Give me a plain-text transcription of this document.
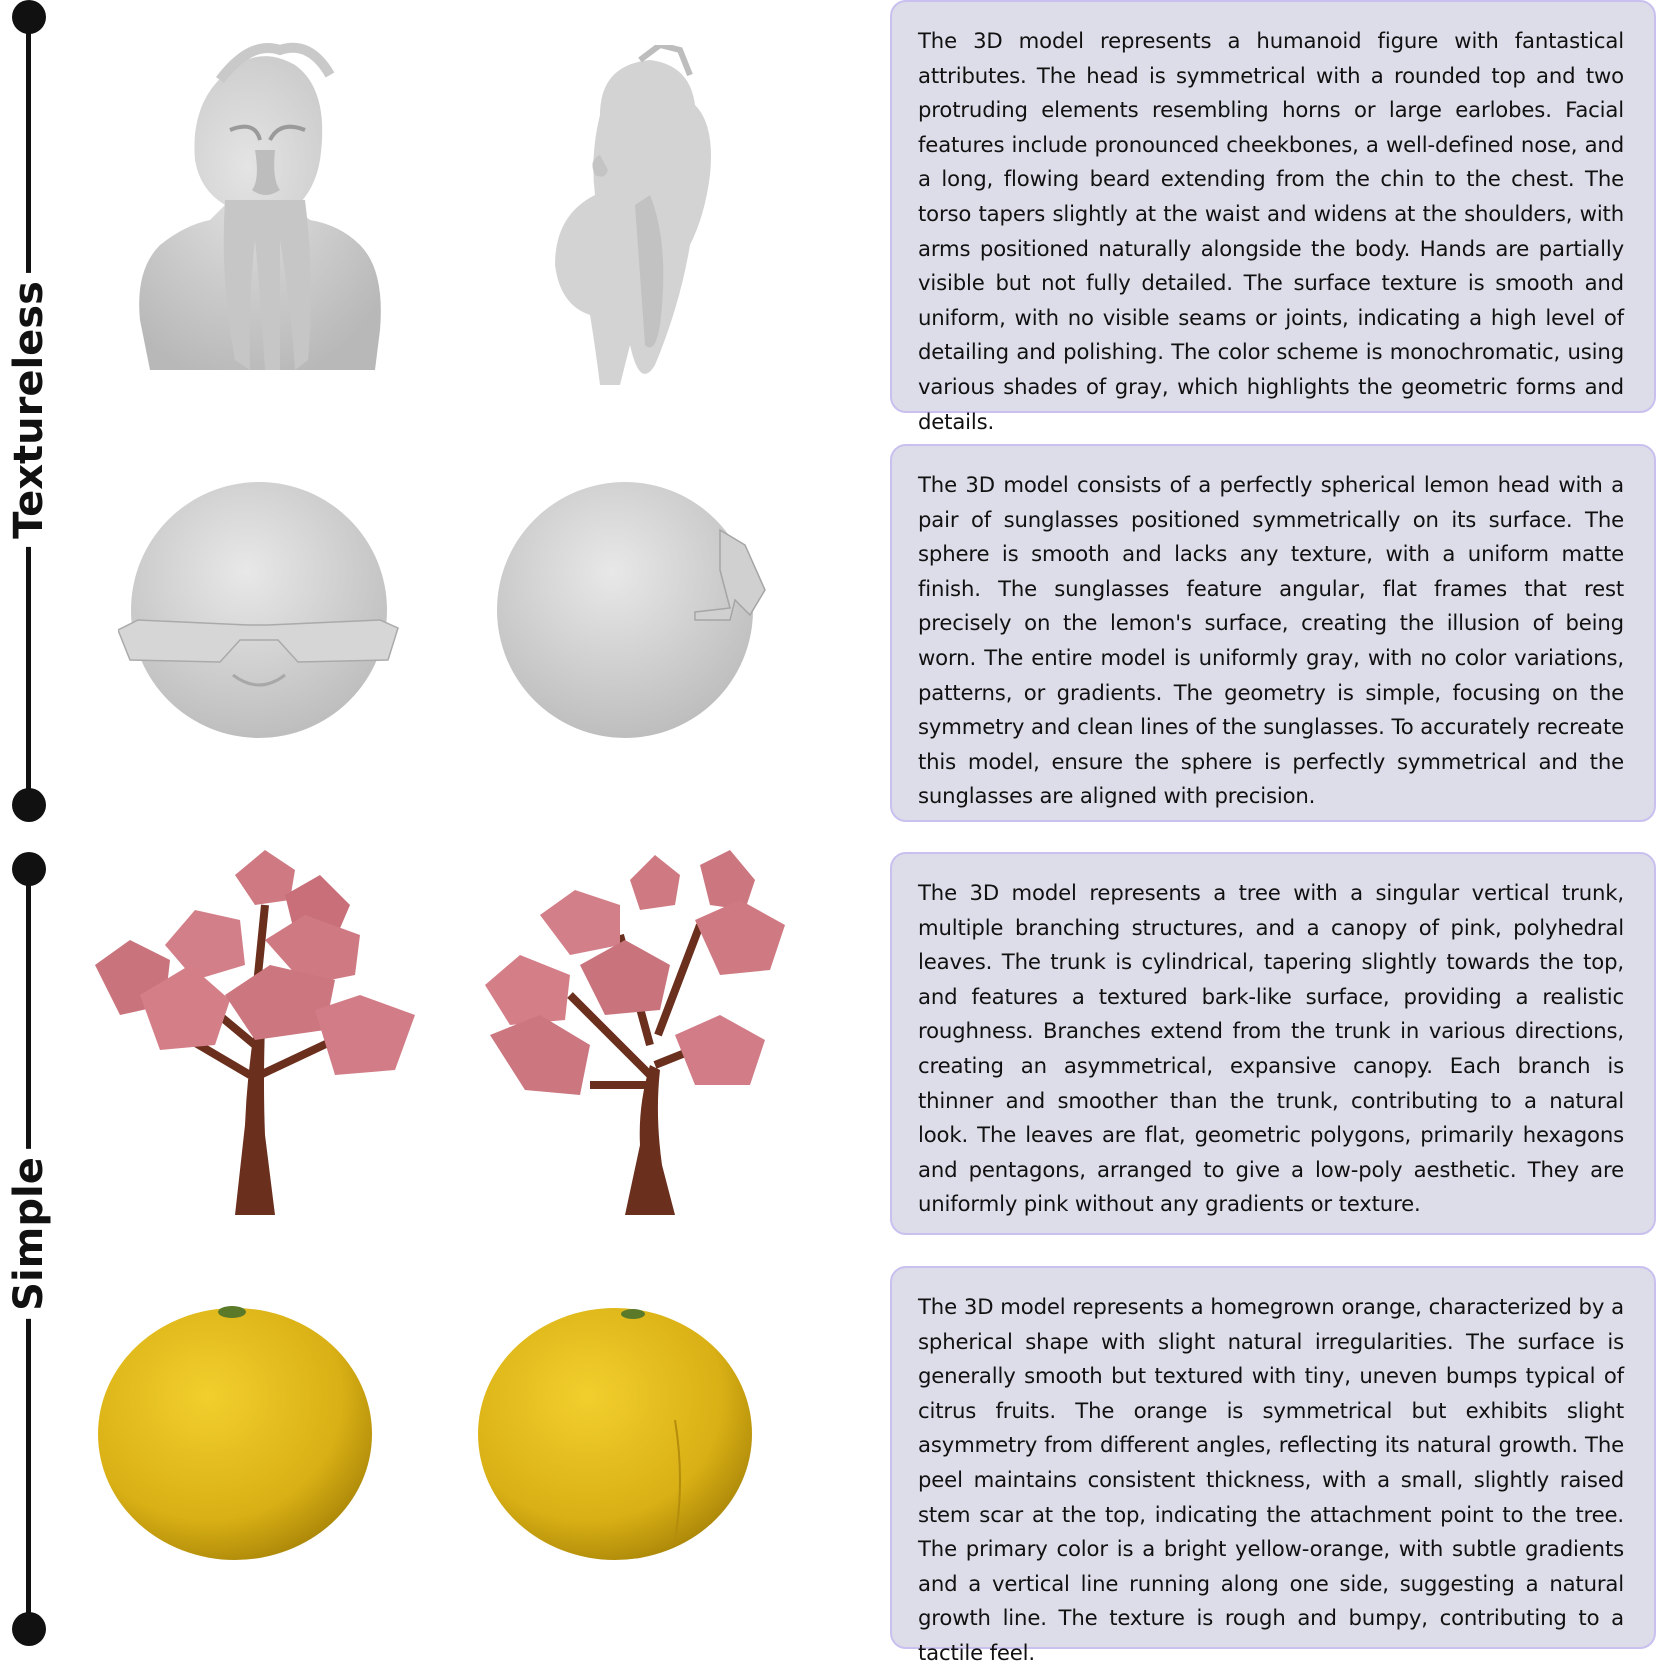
Textureless
Simple

The 3D model represents a humanoid figure with fantastical attributes. The head is symmetrical with a rounded top and two protruding elements resembling horns or large earlobes. Facial features include pronounced cheekbones, a well-defined nose, and a long, flowing beard extending from the chin to the chest. The torso tapers slightly at the waist and widens at the shoulders, with arms positioned naturally alongside the body. Hands are partially visible but not fully detailed. The surface texture is smooth and uniform, with no visible seams or joints, indicating a high level of detailing and polishing. The color scheme is monochromatic, using various shades of gray, which highlights the geometric forms and details.

The 3D model consists of a perfectly spherical lemon head with a pair of sunglasses positioned symmetrically on its surface. The sphere is smooth and lacks any texture, with a uniform matte finish. The sunglasses feature angular, flat frames that rest precisely on the lemon's surface, creating the illusion of being worn. The entire model is uniformly gray, with no color variations, patterns, or gradients. The geometry is simple, focusing on the symmetry and clean lines of the sunglasses. To accurately recreate this model, ensure the sphere is perfectly symmetrical and the sunglasses are aligned with precision.

The 3D model represents a tree with a singular vertical trunk, multiple branching structures, and a canopy of pink, polyhedral leaves. The trunk is cylindrical, tapering slightly towards the top, and features a textured bark-like surface, providing a realistic roughness. Branches extend from the trunk in various directions, creating an asymmetrical, expansive canopy. Each branch is thinner and smoother than the trunk, contributing to a natural look. The leaves are flat, geometric polygons, primarily hexagons and pentagons, arranged to give a low-poly aesthetic. They are uniformly pink without any gradients or texture.

The 3D model represents a homegrown orange, characterized by a spherical shape with slight natural irregularities. The surface is generally smooth but textured with tiny, uneven bumps typical of citrus fruits. The orange is symmetrical but exhibits slight asymmetry from different angles, reflecting its natural growth. The peel maintains consistent thickness, with a small, slightly raised stem scar at the top, indicating the attachment point to the tree. The primary color is a bright yellow-orange, with subtle gradients and a vertical line running along one side, suggesting a natural growth line. The texture is rough and bumpy, contributing to a tactile feel.
